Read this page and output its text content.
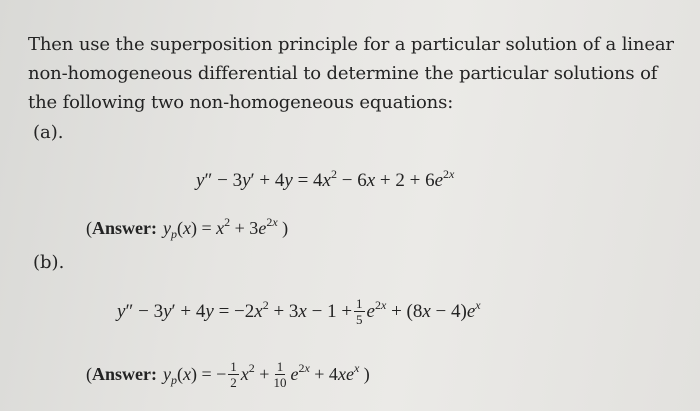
Then use the superposition principle for a particular solution of a linear
non-homogeneous differential to determine the particular solutions of
the following two non-homogeneous equations:
(a).
$y'' - 3y' + 4y = 4x^2 - 6x + 2 + 6e^{2x}$
( Answer: $y_p(x) = x^2 + 3e^{2x}$ )
(b).
$y'' - 3y' + 4y = -2x^2 + 3x - 1 + \frac{1}{5} e^{2x} + (8x - 4)e^x$
( Answer: $y_p(x)$ = − $\frac{1}{2} x^2 + \frac{1}{10} e^{2x} + 4xe^x$ )
